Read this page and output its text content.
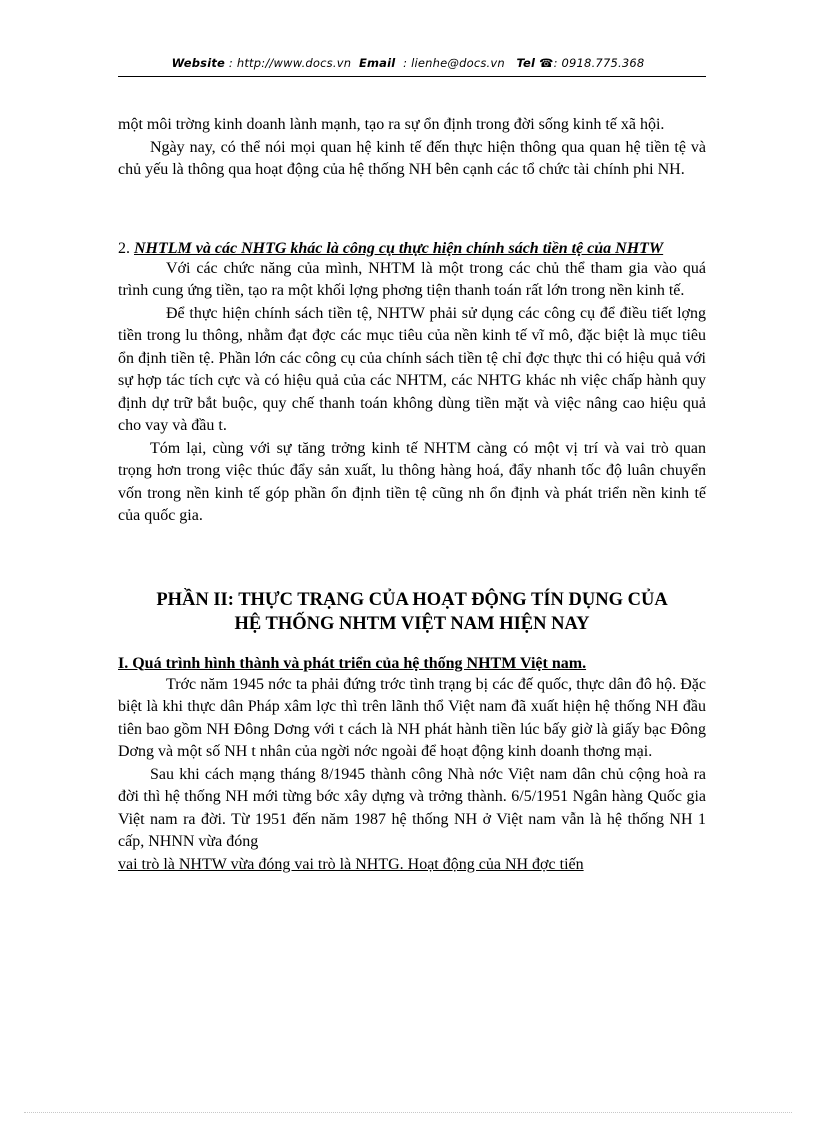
Website : http://www.docs.vn Email : lienhe@docs.vn Tel ☎: 0918.775.368

một môi trờng kinh doanh lành mạnh, tạo ra sự ổn định trong đời sống kinh tế xã hội.

Ngày nay, có thể nói mọi quan hệ kinh tế đến thực hiện thông qua quan hệ tiền tệ và chủ yếu là thông qua hoạt động của hệ thống NH bên cạnh các tổ chức tài chính phi NH.

2. NHTLM và các NHTG khác là công cụ thực hiện chính sách tiền tệ của NHTW

Với các chức năng của mình, NHTM là một trong các chủ thể tham gia vào quá trình cung ứng tiền, tạo ra một khối lợng phơng tiện thanh toán rất lớn trong nền kinh tế.

Để thực hiện chính sách tiền tệ, NHTW phải sử dụng các công cụ để điều tiết lợng tiền trong lu thông, nhằm đạt đợc các mục tiêu của nền kinh tế vĩ mô, đặc biệt là mục tiêu ổn định tiền tệ. Phần lớn các công cụ của chính sách tiền tệ chỉ đợc thực thi có hiệu quả với sự hợp tác tích cực và có hiệu quả của các NHTM, các NHTG khác nh việc chấp hành quy định dự trữ bắt buộc, quy chế thanh toán không dùng tiền mặt và việc nâng cao hiệu quả cho vay và đầu t.

Tóm lại, cùng với sự tăng trởng kinh tế NHTM càng có một vị trí và vai trò quan trọng hơn trong việc thúc đẩy sản xuất, lu thông hàng hoá, đẩy nhanh tốc độ luân chuyển vốn trong nền kinh tế góp phần ổn định tiền tệ cũng nh ổn định và phát triển nền kinh tế của quốc gia.

PHẦN II: THỰC TRẠNG CỦA HOẠT ĐỘNG TÍN DỤNG CỦA
HỆ THỐNG NHTM VIỆT NAM HIỆN NAY

I. Quá trình hình thành và phát triển của hệ thống NHTM Việt nam.

Trớc năm 1945 nớc ta phải đứng trớc tình trạng bị các đế quốc, thực dân đô hộ. Đặc biệt là khi thực dân Pháp xâm lợc thì trên lãnh thổ Việt nam đã xuất hiện hệ thống NH đầu tiên bao gồm NH Đông Dơng với t cách là NH phát hành tiền lúc bấy giờ là giấy bạc Đông Dơng và một số NH t nhân của ngời nớc ngoài để hoạt động kinh doanh thơng mại.

Sau khi cách mạng tháng 8/1945 thành công Nhà nớc Việt nam dân chủ cộng hoà ra đời thì hệ thống NH mới từng bớc xây dựng và trởng thành. 6/5/1951 Ngân hàng Quốc gia Việt nam ra đời. Từ 1951 đến năm 1987 hệ thống NH ở Việt nam vẫn là hệ thống NH 1 cấp, NHNN vừa đóng

vai trò là NHTW vừa đóng vai trò là NHTG. Hoạt động của NH đợc tiến
